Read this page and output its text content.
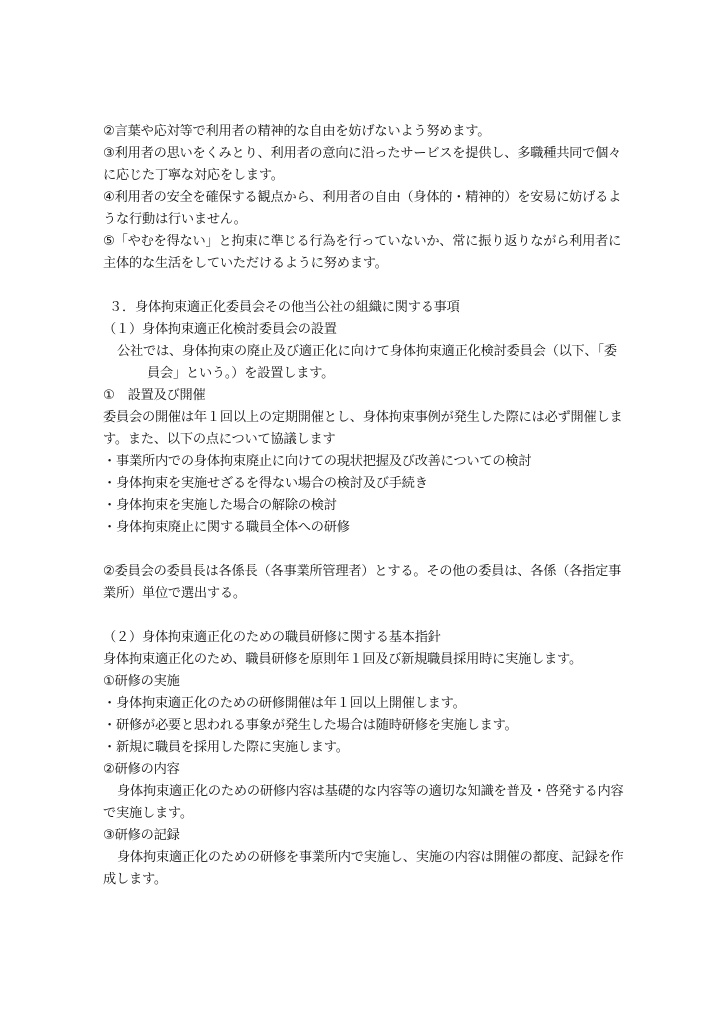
②言葉や応対等で利用者の精神的な自由を妨げないよう努めます。
③利用者の思いをくみとり、利用者の意向に沿ったサービスを提供し、多職種共同で個々
に応じた丁寧な対応をします。
④利用者の安全を確保する観点から、利用者の自由（身体的・精神的）を安易に妨げるよ
うな行動は行いません。
⑤「やむを得ない」と拘束に準じる行為を行っていないか、常に振り返りながら利用者に
主体的な生活をしていただけるように努めます。
３．身体拘束適正化委員会その他当公社の組織に関する事項
（１）身体拘束適正化検討委員会の設置
公社では、身体拘束の廃止及び適正化に向けて身体拘束適正化検討委員会（以下、「委
員会」という。）を設置します。
①　設置及び開催
委員会の開催は年１回以上の定期開催とし、身体拘束事例が発生した際には必ず開催しま
す。また、以下の点について協議します
・事業所内での身体拘束廃止に向けての現状把握及び改善についての検討
・身体拘束を実施せざるを得ない場合の検討及び手続き
・身体拘束を実施した場合の解除の検討
・身体拘束廃止に関する職員全体への研修
②委員会の委員長は各係長（各事業所管理者）とする。その他の委員は、各係（各指定事
業所）単位で選出する。
（２）身体拘束適正化のための職員研修に関する基本指針
身体拘束適正化のため、職員研修を原則年１回及び新規職員採用時に実施します。
①研修の実施
・身体拘束適正化のための研修開催は年１回以上開催します。
・研修が必要と思われる事象が発生した場合は随時研修を実施します。
・新規に職員を採用した際に実施します。
②研修の内容
身体拘束適正化のための研修内容は基礎的な内容等の適切な知識を普及・啓発する内容
で実施します。
③研修の記録
身体拘束適正化のための研修を事業所内で実施し、実施の内容は開催の都度、記録を作
成します。
